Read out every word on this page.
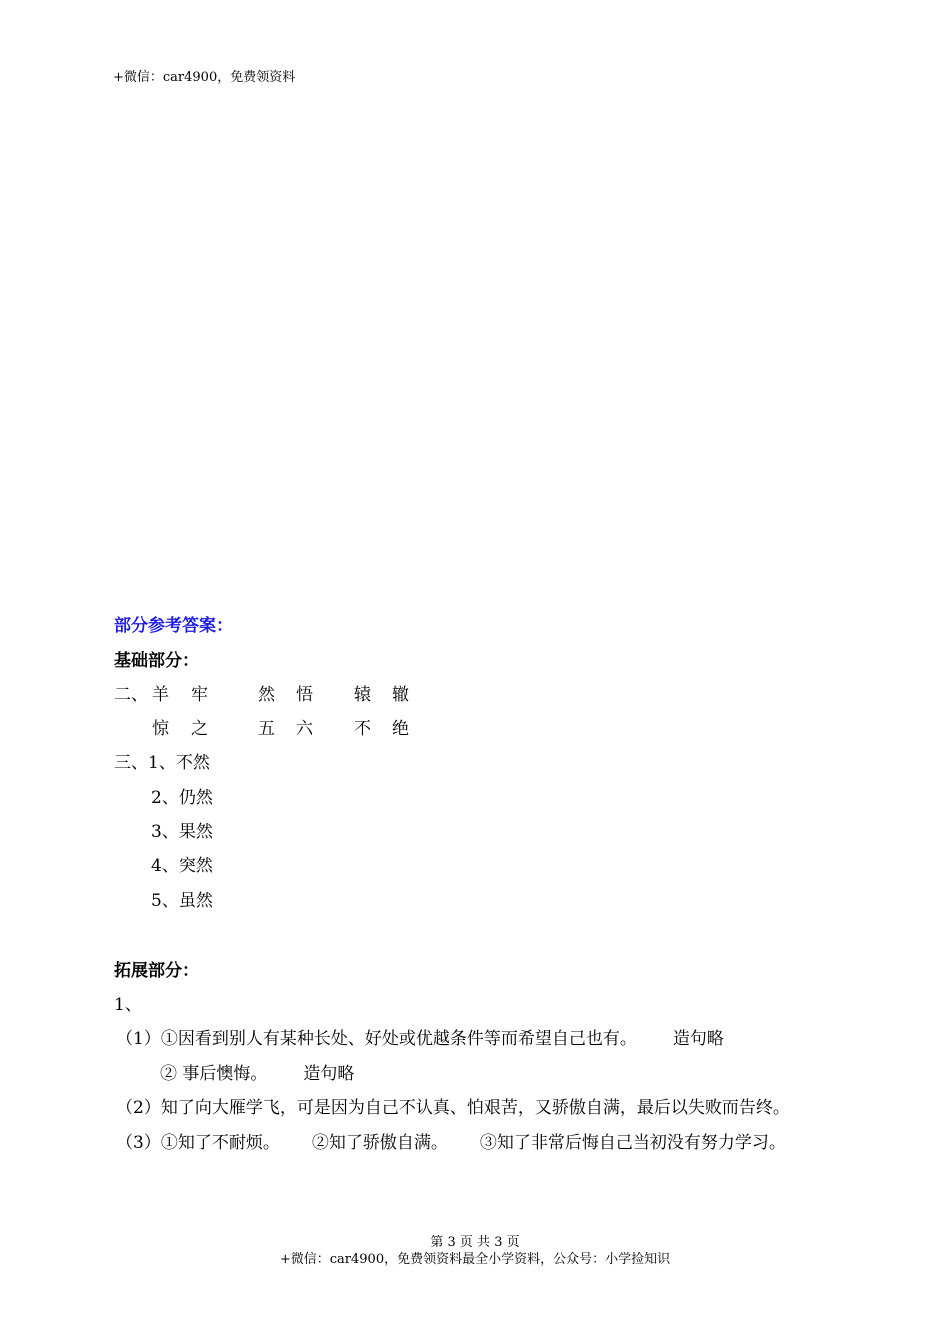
+微信：car4900，免费领资料
部分参考答案：
基础部分：
二、 羊 牢	然 悟 辕 辙
惊 之	五 六 不 绝
三、1、不然
2、仍然
3、果然
4、突然
5、虽然
拓展部分：
1、
（1）①因看到别人有某种长处、好处或优越条件等而希望自己也有。 造句略
② 事后懊悔。 造句略
（2）知了向大雁学飞，可是因为自己不认真、怕艰苦，又骄傲自满，最后以失败而告终。
（3）①知了不耐烦。 ②知了骄傲自满。 ③知了非常后悔自己当初没有努力学习。
第 3 页 共 3 页
+微信：car4900，免费领资料最全小学资料，公众号：小学捡知识
